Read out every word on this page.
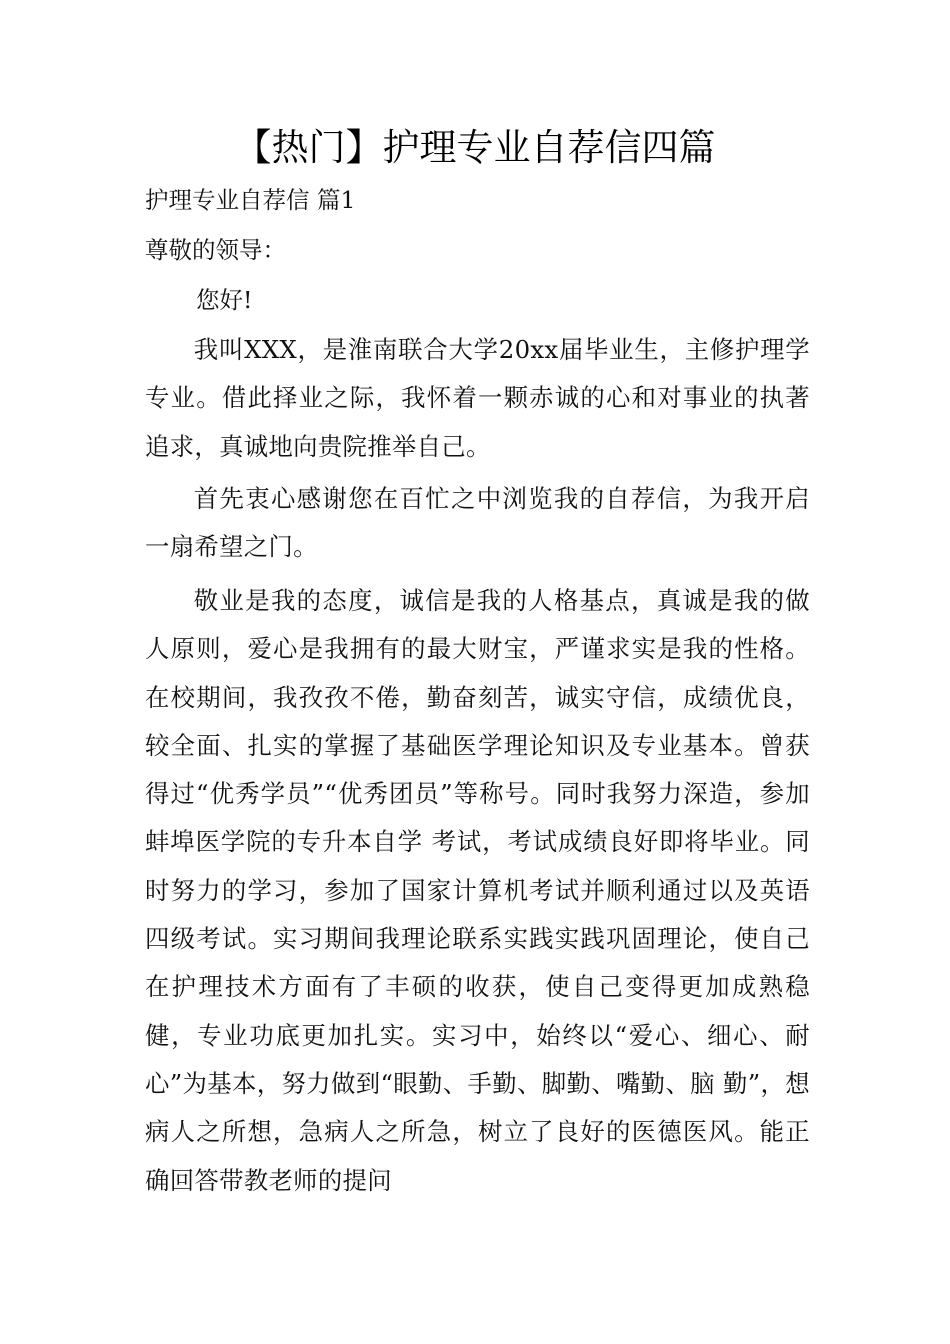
【热门】护理专业自荐信四篇

护理专业自荐信 篇1

尊敬的领导：

您好!

我叫XXX，是淮南联合大学20xx届毕业生，主修护理学专业。借此择业之际，我怀着一颗赤诚的心和对事业的执著追求，真诚地向贵院推举自己。

首先衷心感谢您在百忙之中浏览我的自荐信，为我开启一扇希望之门。

敬业是我的态度，诚信是我的人格基点，真诚是我的做人原则，爱心是我拥有的最大财宝，严谨求实是我的性格。在校期间，我孜孜不倦，勤奋刻苦，诚实守信，成绩优良，较全面、扎实的掌握了基础医学理论知识及专业基本。曾获得过“优秀学员”“优秀团员”等称号。同时我努力深造，参加蚌埠医学院的专升本自学 考试，考试成绩良好即将毕业。同时努力的学习，参加了国家计算机考试并顺利通过以及英语四级考试。实习期间我理论联系实践实践巩固理论，使自己在护理技术方面有了丰硕的收获，使自己变得更加成熟稳健，专业功底更加扎实。实习中，始终以“爱心、细心、耐心”为基本，努力做到“眼勤、手勤、脚勤、嘴勤、脑 勤”，想病人之所想，急病人之所急，树立了良好的医德医风。能正确回答带教老师的提问
